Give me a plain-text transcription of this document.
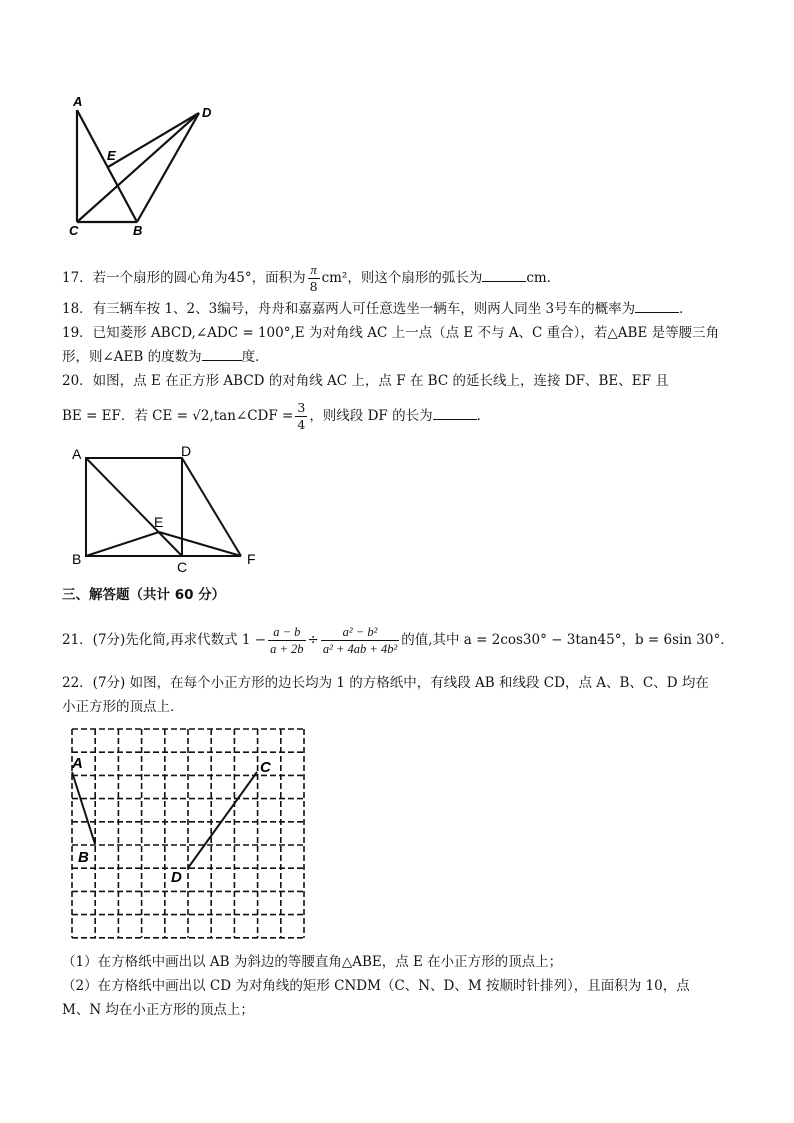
A
D
E
C	B
17．若一个扇形的圆心角为45°，面积为 $\frac{\pi}{8} cm^2$，则这个扇形的弧长为	cm．
18．有三辆车按 1、2、3编号，舟舟和嘉嘉两人可任意选坐一辆车，则两人同坐 3号车的概率为	．
19．已知菱形 ABCD,∠ADC = 100°,E 为对角线 AC 上一点（点 E 不与 A、C 重合），若△ABE 是等腰三角
形，则∠AEB 的度数为	度．
20．如图，点 E 在正方形 ABCD 的对角线 AC 上，点 F 在 BC 的延长线上，连接 DF、BE、EF 且
BE = EF．若 CE = √2,tan∠CDF = $\frac{3}{4}$ ，则线段 DF 的长为	．
A	D
E
B	C	F
三、解答题（共计 60 分）
21．(7分)先化简,再求代数式 $1 - \frac{a - b}{a + 2b} \div \frac{\text{a² − b²}}{\text{a² + 4ab + 4b²}}$ 的值,其中 a = 2cos30° − 3tan45°，b = 6sin 30°．
22．(7分) 如图，在每个小正方形的边长均为 1 的方格纸中，有线段 AB 和线段 CD，点 A、B、C、D 均在
小正方形的顶点上．
A
B
C
D
（1）在方格纸中画出以 AB 为斜边的等腰直角△ABE，点 E 在小正方形的顶点上；
（2）在方格纸中画出以 CD 为对角线的矩形 CNDM（C、N、D、M 按顺时针排列），且面积为 10，点
M、N 均在小正方形的顶点上；
